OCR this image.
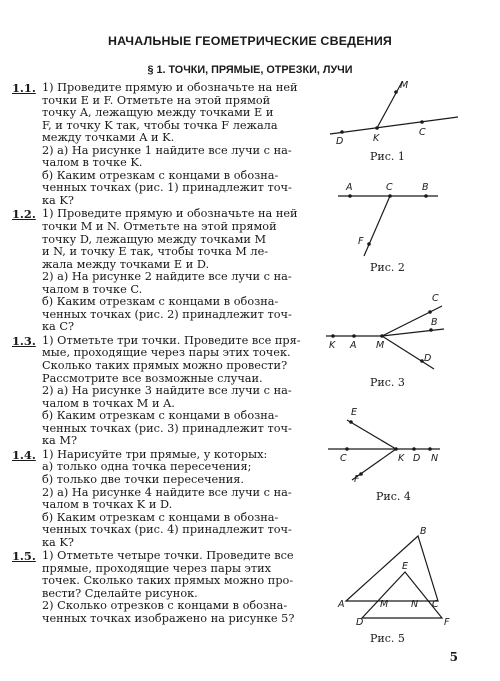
НАЧАЛЬНЫЕ ГЕОМЕТРИЧЕСКИЕ СВЕДЕНИЯ
§ 1. ТОЧКИ, ПРЯМЫЕ, ОТРЕЗКИ, ЛУЧИ
1.1. 1) Проведите прямую и обозначьте на ней
точки E и F. Отметьте на этой прямой
точку A, лежащую между точками E и
F, и точку K так, чтобы точка F лежала
между точками A и K.
2) а) На рисунке 1 найдите все лучи с на-
чалом в точке K.
б) Каким отрезкам с концами в обозна-
ченных точках (рис. 1) принадлежит точ-
ка K?
1.2. 1) Проведите прямую и обозначьте на ней
точки M и N. Отметьте на этой прямой
точку D, лежащую между точками M
и N, и точку E так, чтобы точка M ле-
жала между точками E и D.
2) а) На рисунке 2 найдите все лучи с на-
чалом в точке C.
б) Каким отрезкам с концами в обозна-
ченных точках (рис. 2) принадлежит точ-
ка C?
1.3. 1) Отметьте три точки. Проведите все пря-
мые, проходящие через пары этих точек.
Сколько таких прямых можно провести?
Рассмотрите все возможные случаи.
2) а) На рисунке 3 найдите все лучи с на-
чалом в точках M и A.
б) Каким отрезкам с концами в обозна-
ченных точках (рис. 3) принадлежит точ-
ка M?
1.4. 1) Нарисуйте три прямые, у которых:
а) только одна точка пересечения;
б) только две точки пересечения.
2) а) На рисунке 4 найдите все лучи с на-
чалом в точках K и D.
б) Каким отрезкам с концами в обозна-
ченных точках (рис. 4) принадлежит точ-
ка K?
1.5. 1) Отметьте четыре точки. Проведите все
прямые, проходящие через пары этих
точек. Сколько таких прямых можно про-
вести? Сделайте рисунок.
2) Сколько отрезков с концами в обозна-
ченных точках изображено на рисунке 5?
M
K
C
D
Рис. 1
A	C	B
F
Рис. 2
K A M
C
B
D
Рис. 3
E
C	K D N
F
Рис. 4
B
E
A	M N C
D	F
Рис. 5
5
